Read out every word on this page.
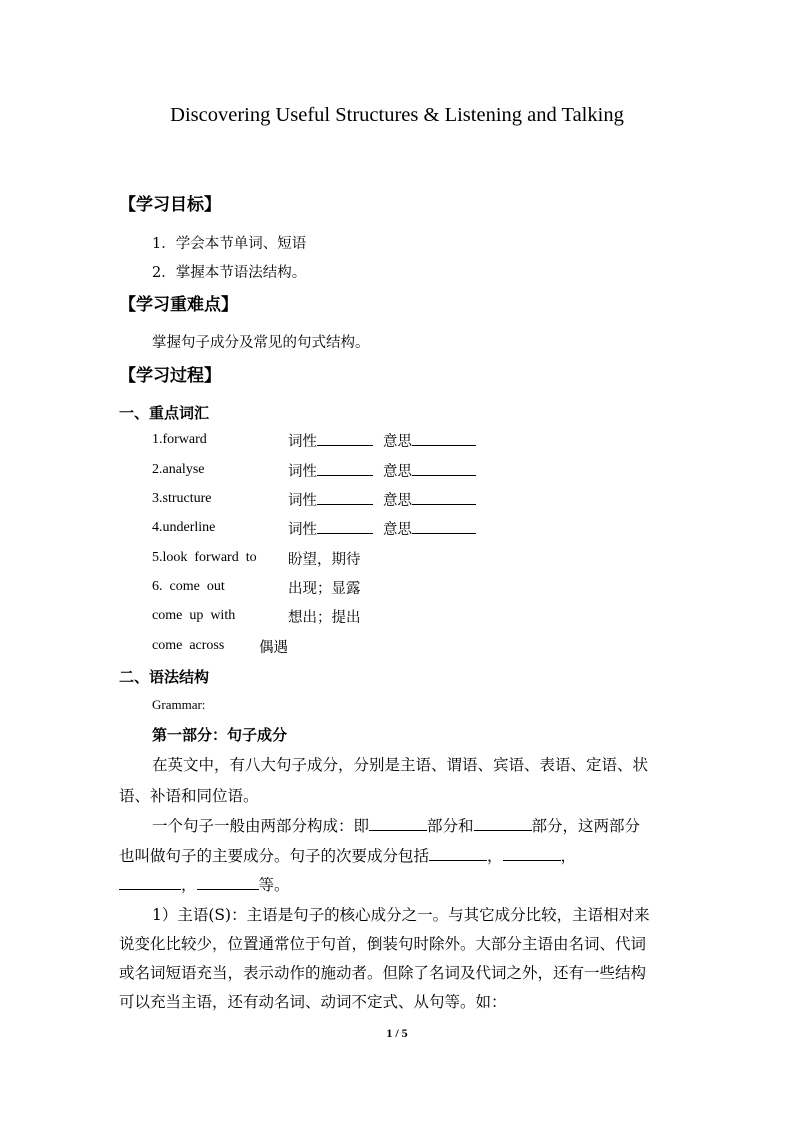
Discovering Useful Structures & Listening and Talking
【学习目标】
1．学会本节单词、短语
2．掌握本节语法结构。
【学习重难点】
掌握句子成分及常见的句式结构。
【学习过程】
一、重点词汇
1.forward	词性	意思
2.analyse	词性	意思
3.structure	词性	意思
4.underline	词性	意思
5.look  forward  to 盼望，期待
6.  come  out	出现；显露
come  up  with	想出；提出
come  across 偶遇
二、语法结构
Grammar:
第一部分：句子成分
在英文中，有八大句子成分，分别是主语、谓语、宾语、表语、定语、状
语、补语和同位语。
一个句子一般由两部分构成：即	部分和	部分，这两部分
也叫做句子的主要成分。句子的次要成分包括	，	，
，	等。
1）主语(S)：主语是句子的核心成分之一。与其它成分比较，主语相对来
说变化比较少，位置通常位于句首，倒装句时除外。大部分主语由名词、代词
或名词短语充当，表示动作的施动者。但除了名词及代词之外，还有一些结构
可以充当主语，还有动名词、动词不定式、从句等。如：
1 / 5
